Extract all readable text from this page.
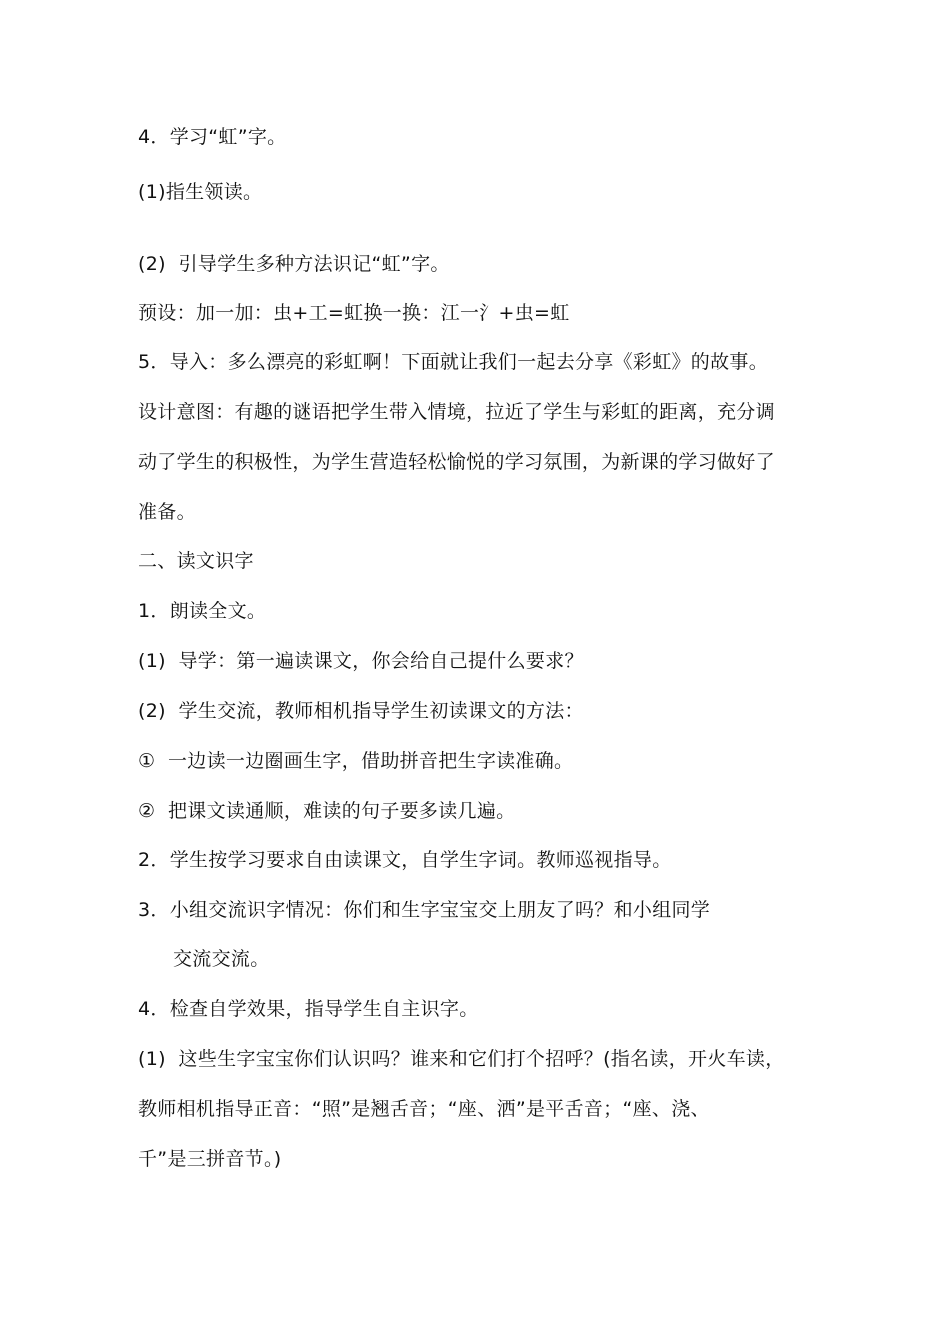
4．学习“虹”字。
(1)指生领读。
(2)  引导学生多种方法识记“虹”字。
预设：加一加：虫+工=虹换一换：江一氵+虫=虹
5．导入：多么漂亮的彩虹啊！下面就让我们一起去分享《彩虹》的故事。
设计意图：有趣的谜语把学生带入情境，拉近了学生与彩虹的距离，充分调
动了学生的积极性，为学生营造轻松愉悦的学习氛围，为新课的学习做好了
准备。
二、读文识字
1．朗读全文。
(1)  导学：第一遍读课文，你会给自己提什么要求？
(2)  学生交流，教师相机指导学生初读课文的方法：
①  一边读一边圈画生字，借助拼音把生字读准确。
②  把课文读通顺，难读的句子要多读几遍。
2．学生按学习要求自由读课文，自学生字词。教师巡视指导。
3．小组交流识字情况：你们和生字宝宝交上朋友了吗？和小组同学
交流交流。
4．检查自学效果，指导学生自主识字。
(1)  这些生字宝宝你们认识吗？谁来和它们打个招呼？(指名读，开火车读，
教师相机指导正音：“照”是翘舌音；“座、洒”是平舌音；“座、浇、
千”是三拼音节。)
